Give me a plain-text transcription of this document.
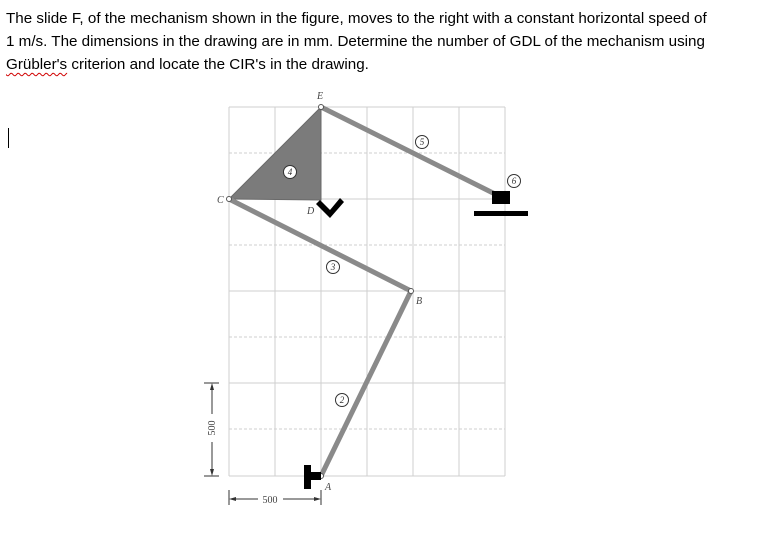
The slide F, of the mechanism shown in the figure, moves to the right with a constant horizontal speed of
1 m/s. The dimensions in the drawing are in mm. Determine the number of GDL of the mechanism using
Grübler's criterion and locate the CIR's in the drawing.
E
C
D
B
A
F
4
5
6
3
2
500
500
